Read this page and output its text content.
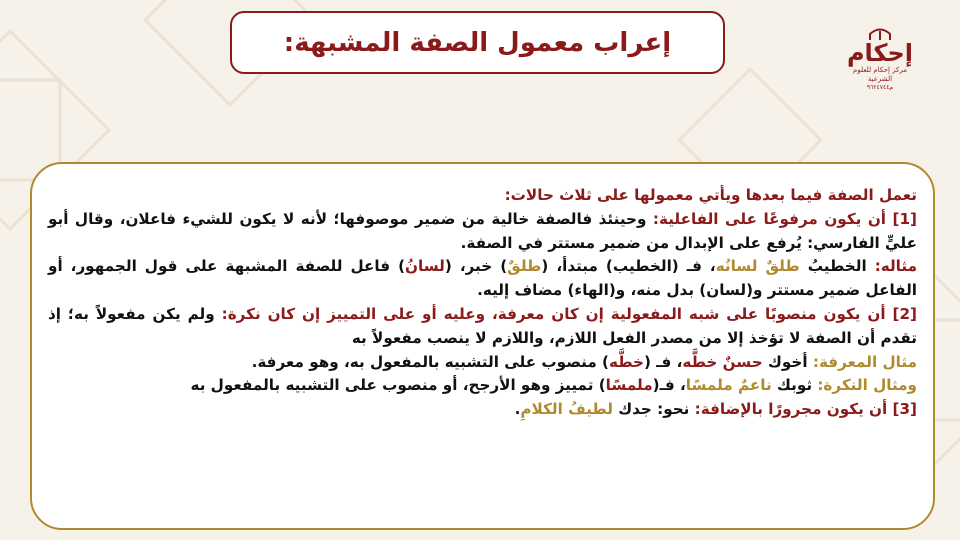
إعراب معمول الصفة المشبهة:	إحكام
مركز إحكام للعلوم الشرعية
م٩٦٢٤٧٤٤

تعمل الصفة فيما بعدها ويأتي معمولها على ثلاث حالات:

[1] أن يكون مرفوعًا على الفاعلية: وحينئذ فالصفة خالية من ضمير موصوفها؛ لأنه لا يكون للشيء فاعلان، وقال أبو عليٍّ الفارسي: يُرفع على الإبدال من ضمير مستتر في الصفة.

مثاله: الخطيبُ طلقٌ لسانُه، فـ (الخطيب) مبتدأ، (طلقٌ) خبر، (لسانُ) فاعل للصفة المشبهة على قول الجمهور، أو الفاعل ضمير مستتر و(لسان) بدل منه، و(الهاء) مضاف إليه.

[2] أن يكون منصوبًا على شبه المفعولية إن كان معرفة، وعليه أو على التمييز إن كان نكرة: ولم يكن مفعولاً به؛ إذ تقدم أن الصفة لا تؤخذ إلا من مصدر الفعل اللازم، واللازم لا ينصب مفعولاً به

مثال المعرفة: أخوك حسنٌ خطَّه، فـ (خطَّه) منصوب على التشبيه بالمفعول به، وهو معرفة.

ومثال النكرة: ثوبك ناعمٌ ملمسًا، فـ(ملمسًا) تمييز وهو الأرجح، أو منصوب على التشبيه بالمفعول به

[3] أن يكون مجرورًا بالإضافة: نحو: جدك لطيفُ الكلامِ.
